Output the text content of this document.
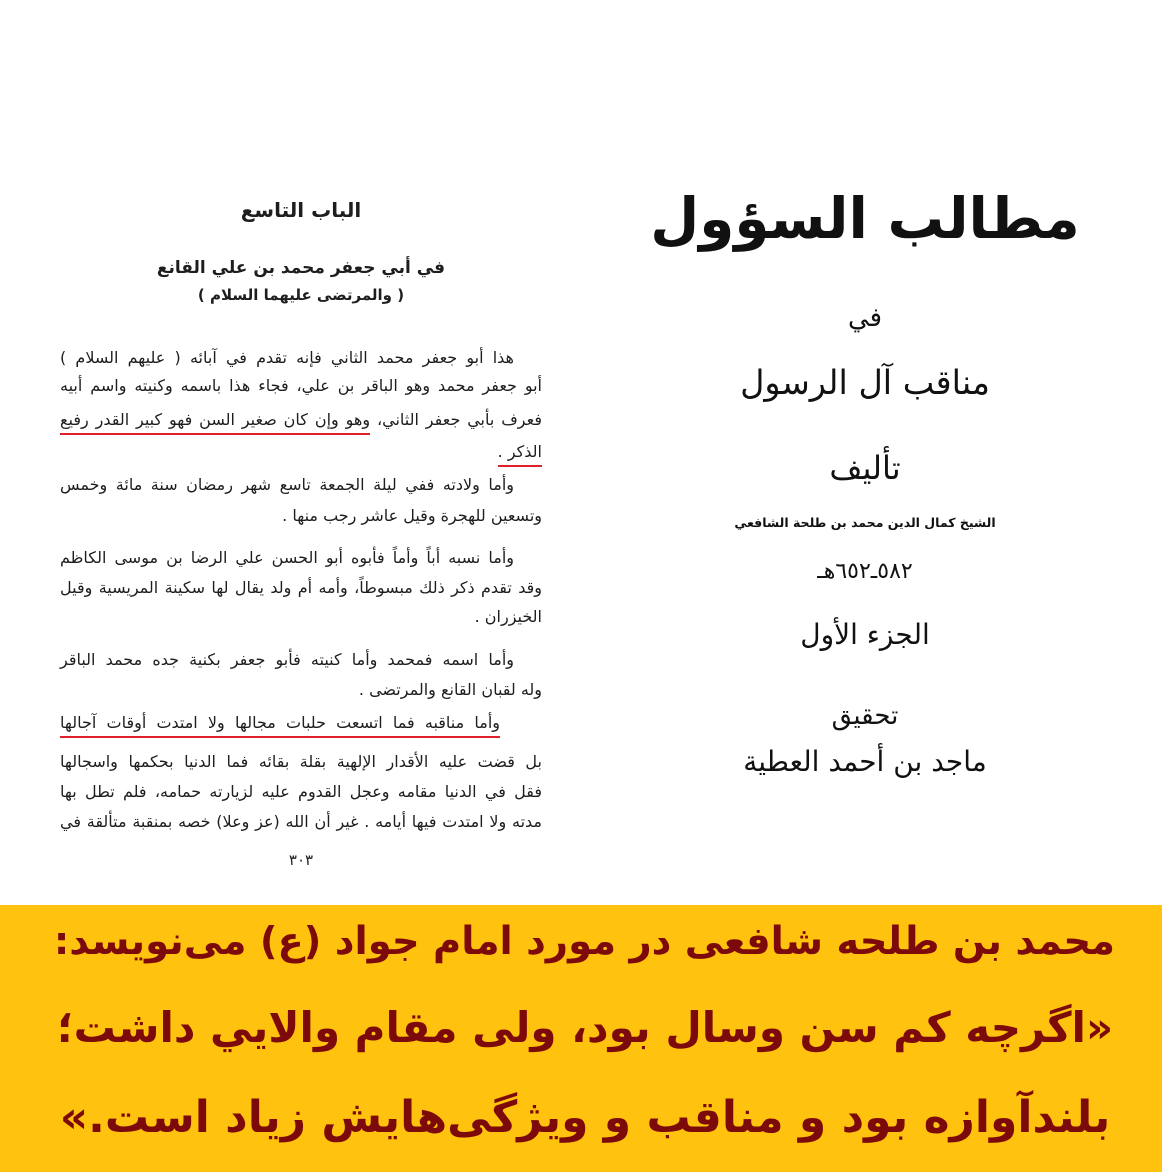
الباب التاسع
في أبي جعفر محمد بن علي القانع
( والمرتضى عليهما السلام )
هذا أبو جعفر محمد الثاني فإنه تقدم في آبائه ( عليهم السلام )
أبو جعفر محمد وهو الباقر بن علي، فجاء هذا باسمه وكنيته واسم أبيه
فعرف بأبي جعفر الثاني، وهو وإن كان صغير السن فهو كبير القدر رفيع
الذكر .
وأما ولادته ففي ليلة الجمعة تاسع شهر رمضان سنة مائة وخمس
وتسعين للهجرة وقيل عاشر رجب منها .
وأما نسبه أباً وأماً فأبوه أبو الحسن علي الرضا بن موسى الكاظم
وقد تقدم ذكر ذلك مبسوطاً، وأمه أم ولد يقال لها سكينة المريسية وقيل
الخيزران .
وأما اسمه فمحمد وأما كنيته فأبو جعفر بكنية جده محمد الباقر
وله لقبان القانع والمرتضى .
وأما مناقبه فما اتسعت حلبات مجالها ولا امتدت أوقات آجالها
بل قضت عليه الأقدار الإلهية بقلة بقائه فما الدنيا بحكمها واسجالها
فقل في الدنيا مقامه وعجل القدوم عليه لزيارته حمامه، فلم تطل بها
مدته ولا امتدت فيها أيامه . غير أن الله (عز وعلا) خصه بمنقبة متألقة في
٣٠٣
مطالب السؤول
في
مناقب آل الرسول
تأليف
الشيخ كمال الدين محمد بن طلحة الشافعي
٥٨٢ـ٦٥٢هـ
الجزء الأول
تحقيق
ماجد بن أحمد العطية
محمد بن طلحه شافعی در مورد امام جواد (ع) می‌نویسد:
«اگرچه کم سن وسال بود، ولی مقام والایي داشت؛
بلندآوازه بود و مناقب و ویژگی‌هایش زیاد است.»
